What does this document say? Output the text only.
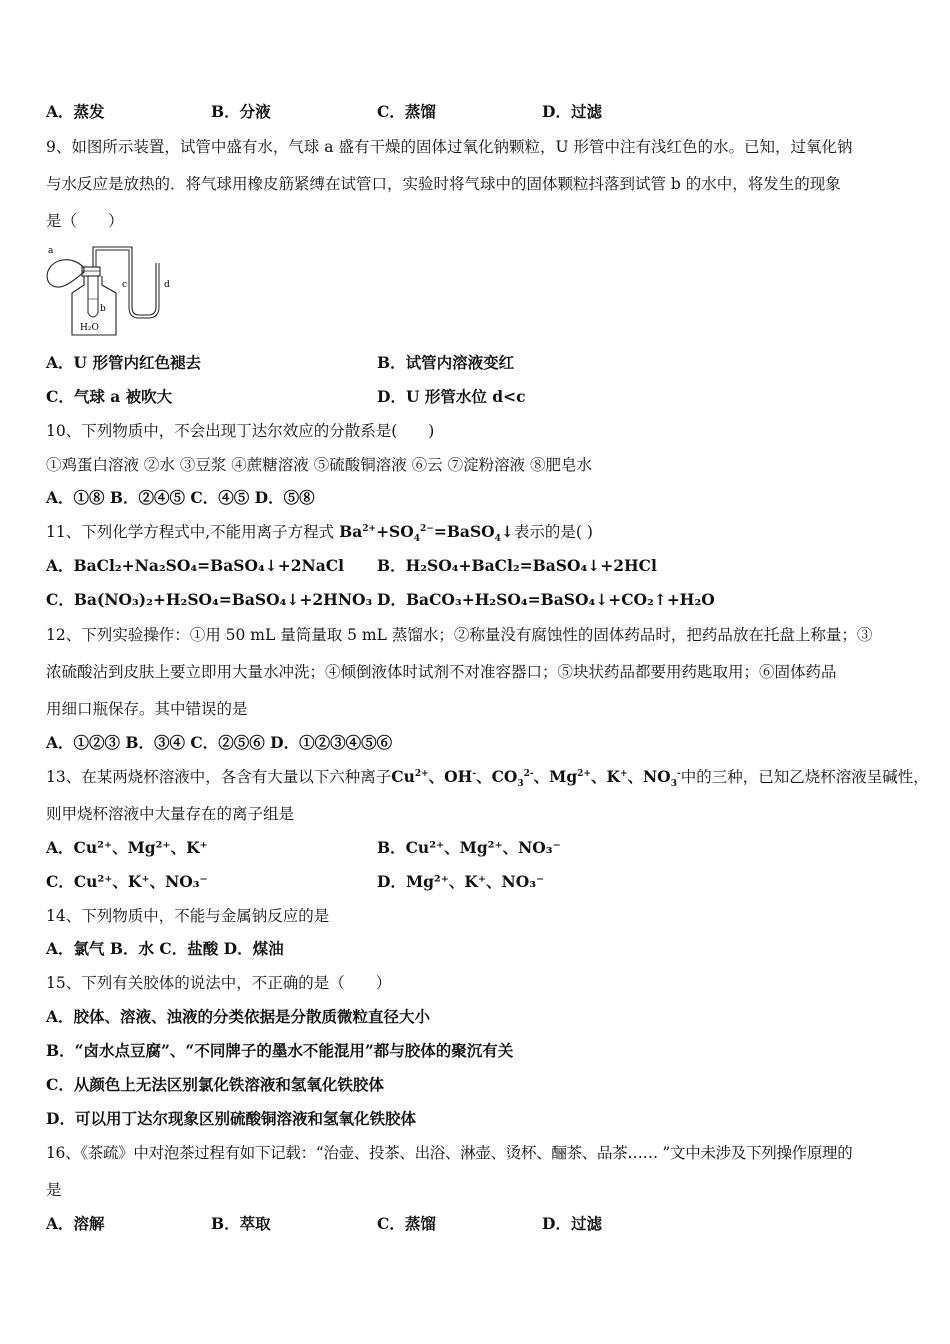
A．蒸发	B．分液	C．蒸馏	D．过滤
9、如图所示装置，试管中盛有水，气球 a 盛有干燥的固体过氧化钠颗粒，U 形管中注有浅红色的水。已知，过氧化钠
与水反应是放热的．将气球用橡皮筋紧缚在试管口，实验时将气球中的固体颗粒抖落到试管 b 的水中，将发生的现象
是（　　）
a
b
H₂O
c	d
A．U 形管内红色褪去	B．试管内溶液变红
C．气球 a 被吹大	D．U 形管水位 d<c
10、下列物质中，不会出现丁达尔效应的分散系是(　　)
①鸡蛋白溶液 ②水 ③豆浆 ④蔗糖溶液 ⑤硫酸铜溶液 ⑥云 ⑦淀粉溶液 ⑧肥皂水
A．①⑧ B．②④⑤ C．④⑤ D．⑤⑧
11、下列化学方程式中,不能用离子方程式 $Ba^{2+}+SO_4^{2-}=BaSO_4↓$表示的是( )
A．BaCl₂+Na₂SO₄=BaSO₄↓+2NaCl B．H₂SO₄+BaCl₂=BaSO₄↓+2HCl
C．Ba(NO₃)₂+H₂SO₄=BaSO₄↓+2HNO₃ D．BaCO₃+H₂SO₄=BaSO₄↓+CO₂↑+H₂O
12、下列实验操作：①用 50 mL 量筒量取 5 mL 蒸馏水；②称量没有腐蚀性的固体药品时，把药品放在托盘上称量；③
浓硫酸沾到皮肤上要立即用大量水冲洗；④倾倒液体时试剂不对准容器口；⑤块状药品都要用药匙取用；⑥固体药品
用细口瓶保存。其中错误的是
A．①②③ B．③④ C．②⑤⑥ D．①②③④⑤⑥
13、在某两烧杯溶液中，各含有大量以下六种离子$Cu^{2+}$、OH-、$CO_3^{2-}$、$Mg^{2+}$、K+、$NO_3^-$中的三种，已知乙烧杯溶液呈碱性，
则甲烧杯溶液中大量存在的离子组是
A．Cu²⁺、Mg²⁺、K⁺	B．Cu²⁺、Mg²⁺、NO₃⁻
C．Cu²⁺、K⁺、NO₃⁻	D．Mg²⁺、K⁺、NO₃⁻
14、下列物质中，不能与金属钠反应的是
A．氯气 B．水 C．盐酸 D．煤油
15、下列有关胶体的说法中，不正确的是（　　）
A．胶体、溶液、浊液的分类依据是分散质微粒直径大小
B．“卤水点豆腐”、“不同牌子的墨水不能混用”都与胶体的聚沉有关
C．从颜色上无法区别氯化铁溶液和氢氧化铁胶体
D．可以用丁达尔现象区别硫酸铜溶液和氢氧化铁胶体
16、《茶疏》中对泡茶过程有如下记载：“治壶、投茶、出浴、淋壶、烫杯、酾茶、品茶…… ”文中未涉及下列操作原理的
是
A．溶解	B．萃取	C．蒸馏	D．过滤
